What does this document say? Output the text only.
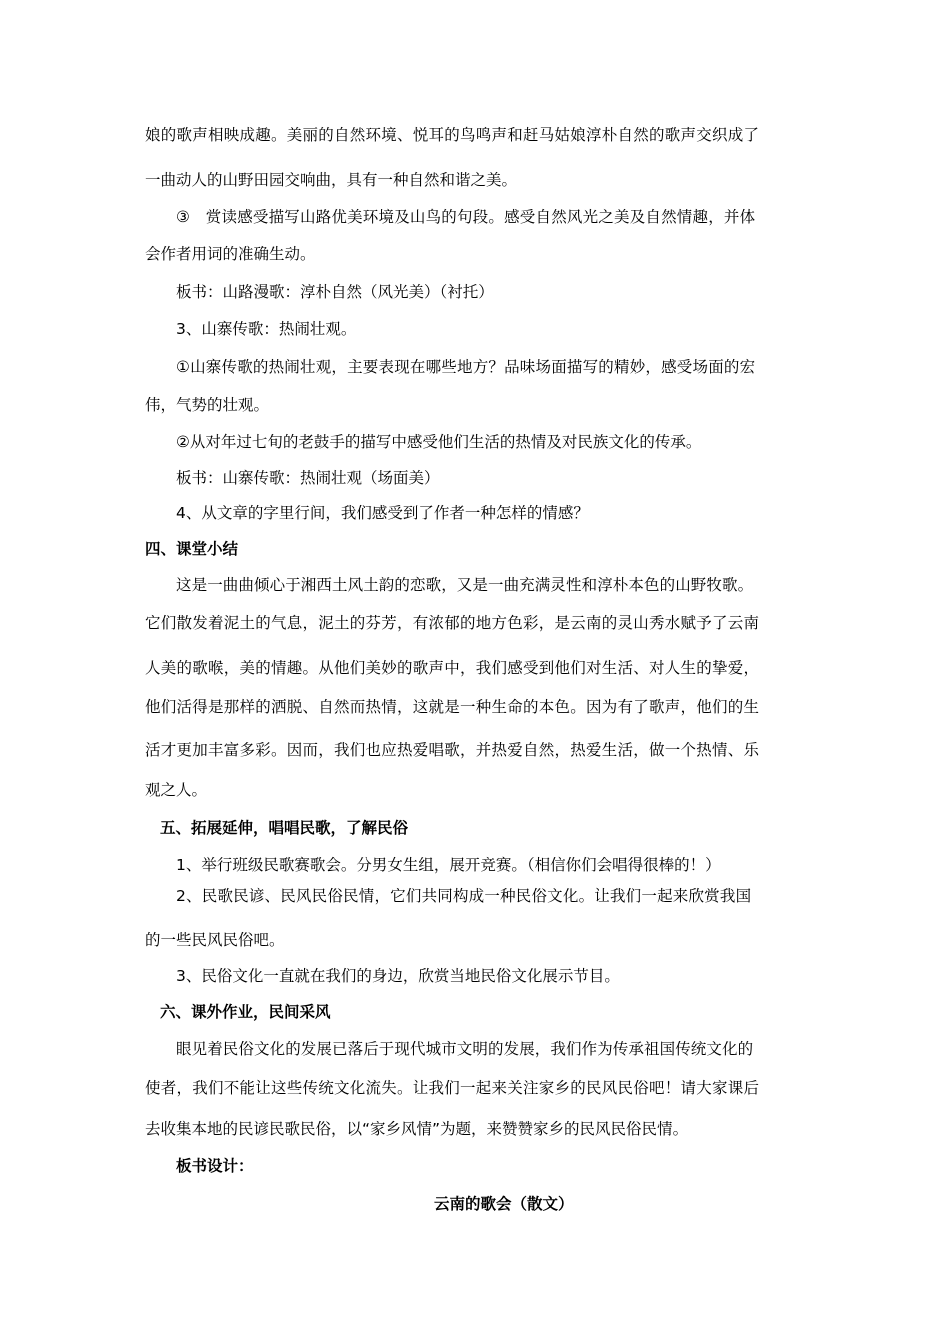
娘的歌声相映成趣。美丽的自然环境、悦耳的鸟鸣声和赶马姑娘淳朴自然的歌声交织成了
一曲动人的山野田园交响曲，具有一种自然和谐之美。
③　赏读感受描写山路优美环境及山鸟的句段。感受自然风光之美及自然情趣，并体
会作者用词的准确生动。
板书：山路漫歌：淳朴自然（风光美）（衬托）
3、山寨传歌：热闹壮观。
①山寨传歌的热闹壮观，主要表现在哪些地方？品味场面描写的精妙，感受场面的宏
伟，气势的壮观。
②从对年过七旬的老鼓手的描写中感受他们生活的热情及对民族文化的传承。
板书：山寨传歌：热闹壮观（场面美）
4、从文章的字里行间，我们感受到了作者一种怎样的情感？
四、课堂小结
这是一曲曲倾心于湘西土风土韵的恋歌，又是一曲充满灵性和淳朴本色的山野牧歌。
它们散发着泥土的气息，泥土的芬芳，有浓郁的地方色彩，是云南的灵山秀水赋予了云南
人美的歌喉，美的情趣。从他们美妙的歌声中，我们感受到他们对生活、对人生的挚爱，
他们活得是那样的洒脱、自然而热情，这就是一种生命的本色。因为有了歌声，他们的生
活才更加丰富多彩。因而，我们也应热爱唱歌，并热爱自然，热爱生活，做一个热情、乐
观之人。
五、拓展延伸，唱唱民歌，了解民俗
1、举行班级民歌赛歌会。分男女生组，展开竞赛。（相信你们会唱得很棒的！）
2、民歌民谚、民风民俗民情，它们共同构成一种民俗文化。让我们一起来欣赏我国
的一些民风民俗吧。
3、民俗文化一直就在我们的身边，欣赏当地民俗文化展示节目。
六、课外作业，民间采风
眼见着民俗文化的发展已落后于现代城市文明的发展，我们作为传承祖国传统文化的
使者，我们不能让这些传统文化流失。让我们一起来关注家乡的民风民俗吧！请大家课后
去收集本地的民谚民歌民俗，以“家乡风情”为题，来赞赞家乡的民风民俗民情。
板书设计：
云南的歌会（散文）
